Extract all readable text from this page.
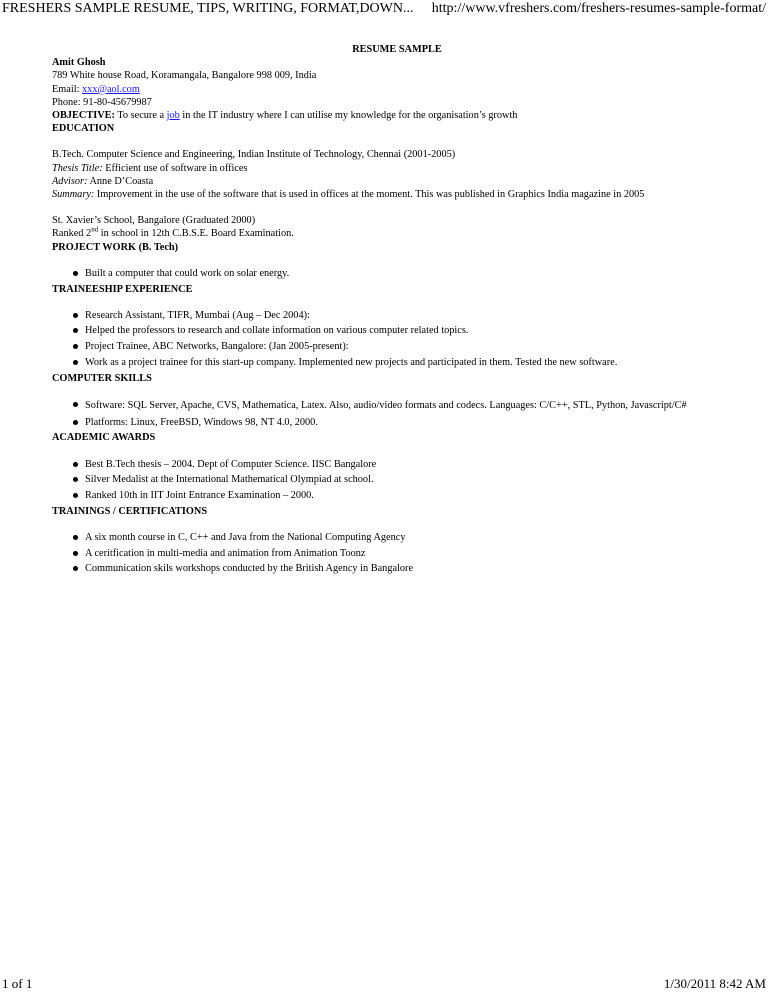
FRESHERS SAMPLE RESUME, TIPS, WRITING, FORMAT,DOWN... http://www.vfreshers.com/freshers-resumes-sample-format/

RESUME SAMPLE

Amit Ghosh

789 White house Road, Koramangala, Bangalore 998 009, India

Email: xxx@aol.com

Phone: 91-80-45679987

OBJECTIVE: To secure a job in the IT industry where I can utilise my knowledge for the organisation’s growth

EDUCATION

B.Tech. Computer Science and Engineering, Indian Institute of Technology, Chennai (2001-2005)

Thesis Title: Efficient use of software in offices

Advisor: Anne D’Coasta

Summary: Improvement in the use of the software that is used in offices at the moment. This was published in Graphics India magazine in 2005

St. Xavier’s School, Bangalore (Graduated 2000)

Ranked 2nd in school in 12th C.B.S.E. Board Examination.

PROJECT WORK (B. Tech)

Built a computer that could work on solar energy.

TRAINEESHIP EXPERIENCE

Research Assistant, TIFR, Mumbai (Aug – Dec 2004):
Helped the professors to research and collate information on various computer related topics.
Project Trainee, ABC Networks, Bangalore: (Jan 2005-present):
Work as a project trainee for this start-up company. Implemented new projects and participated in them. Tested the new software.

COMPUTER SKILLS

Software: SQL Server, Apache, CVS, Mathematica, Latex. Also, audio/video formats and codecs. Languages: C/C++, STL, Python, Javascript/C#
Platforms: Linux, FreeBSD, Windows 98, NT 4.0, 2000.

ACADEMIC AWARDS

Best B.Tech thesis – 2004. Dept of Computer Science. IISC Bangalore
Silver Medalist at the International Mathematical Olympiad at school.
Ranked 10th in IIT Joint Entrance Examination – 2000.

TRAININGS / CERTIFICATIONS

A six month course in C, C++ and Java from the National Computing Agency
A ceritfication in multi-media and animation from Animation Toonz
Communication skils workshops conducted by the British Agency in Bangalore
1 of 1	1/30/2011 8:42 AM
